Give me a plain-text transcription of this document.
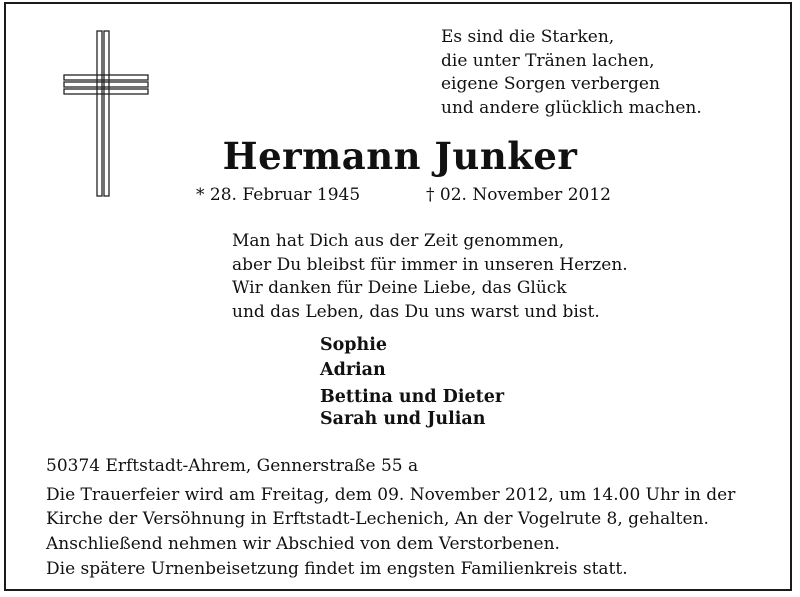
Es sind die Starken,
die unter Tränen lachen,
eigene Sorgen verbergen
und andere glücklich machen.
Hermann Junker
* 28. Februar 1945	† 02. November 2012
Man hat Dich aus der Zeit genommen,
aber Du bleibst für immer in unseren Herzen.
Wir danken für Deine Liebe, das Glück
und das Leben, das Du uns warst und bist.
Sophie
Adrian
Bettina und Dieter
Sarah und Julian
50374 Erftstadt-Ahrem, Gennerstraße 55 a
Die Trauerfeier wird am Freitag, dem 09. November 2012, um 14.00 Uhr in der
Kirche der Versöhnung in Erftstadt-Lechenich, An der Vogelrute 8, gehalten.
Anschließend nehmen wir Abschied von dem Verstorbenen.
Die spätere Urnenbeisetzung findet im engsten Familienkreis statt.
